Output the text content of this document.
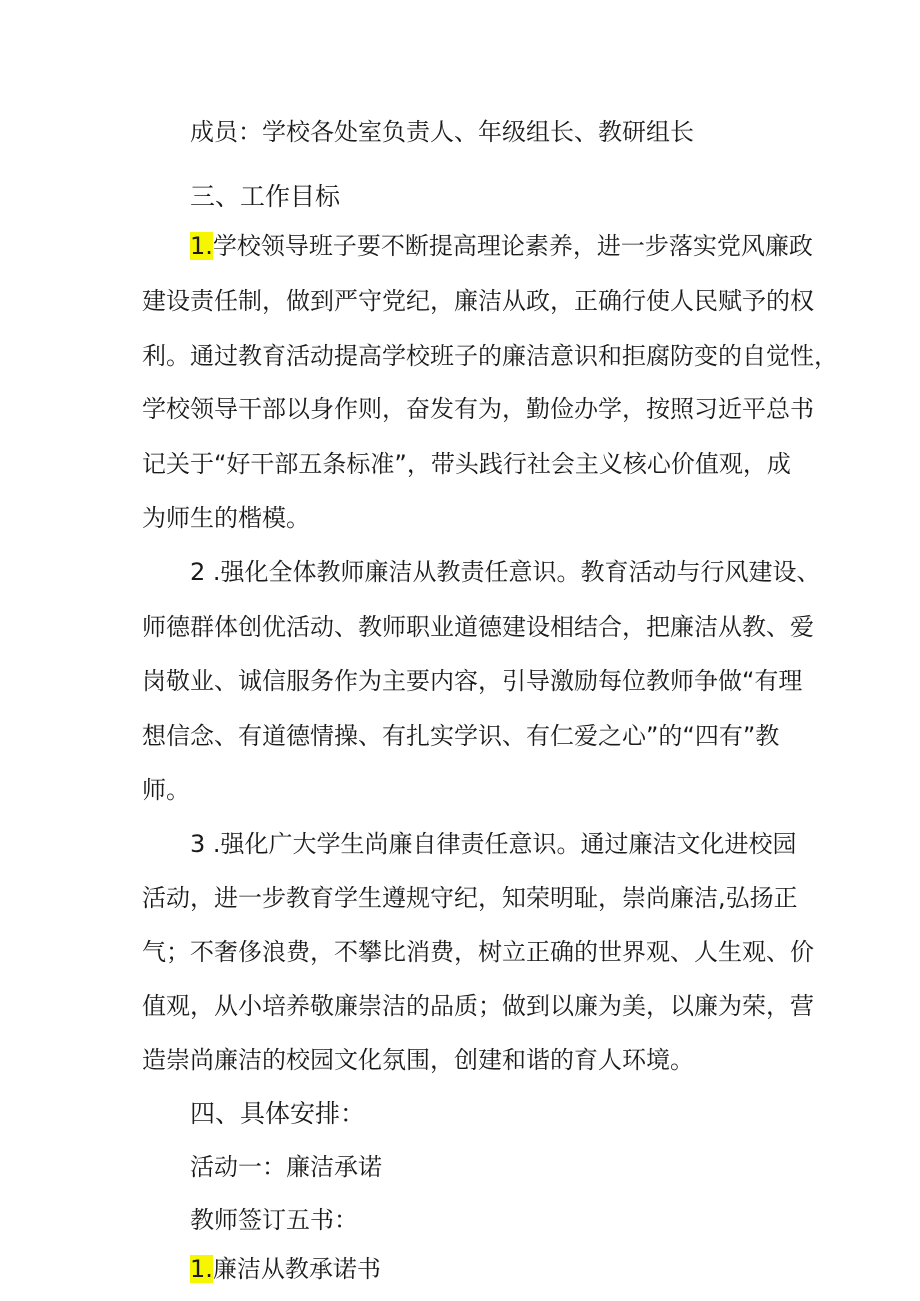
成员：学校各处室负责人、年级组长、教研组长
三、工作目标
1.学校领导班子要不断提高理论素养，进一步落实党风廉政
建设责任制，做到严守党纪，廉洁从政，正确行使人民赋予的权
利。通过教育活动提高学校班子的廉洁意识和拒腐防变的自觉性，
学校领导干部以身作则，奋发有为，勤俭办学，按照习近平总书
记关于“好干部五条标准”，带头践行社会主义核心价值观，成
为师生的楷模。
2 .强化全体教师廉洁从教责任意识。教育活动与行风建设、
师德群体创优活动、教师职业道德建设相结合，把廉洁从教、爱
岗敬业、诚信服务作为主要内容，引导激励每位教师争做“有理
想信念、有道德情操、有扎实学识、有仁爱之心”的“四有”教
师。
3 .强化广大学生尚廉自律责任意识。通过廉洁文化进校园
活动，进一步教育学生遵规守纪，知荣明耻，崇尚廉洁,弘扬正
气；不奢侈浪费，不攀比消费，树立正确的世界观、人生观、价
值观，从小培养敬廉崇洁的品质；做到以廉为美，以廉为荣，营
造崇尚廉洁的校园文化氛围，创建和谐的育人环境。
四、具体安排：
活动一：廉洁承诺
教师签订五书：
1.廉洁从教承诺书
